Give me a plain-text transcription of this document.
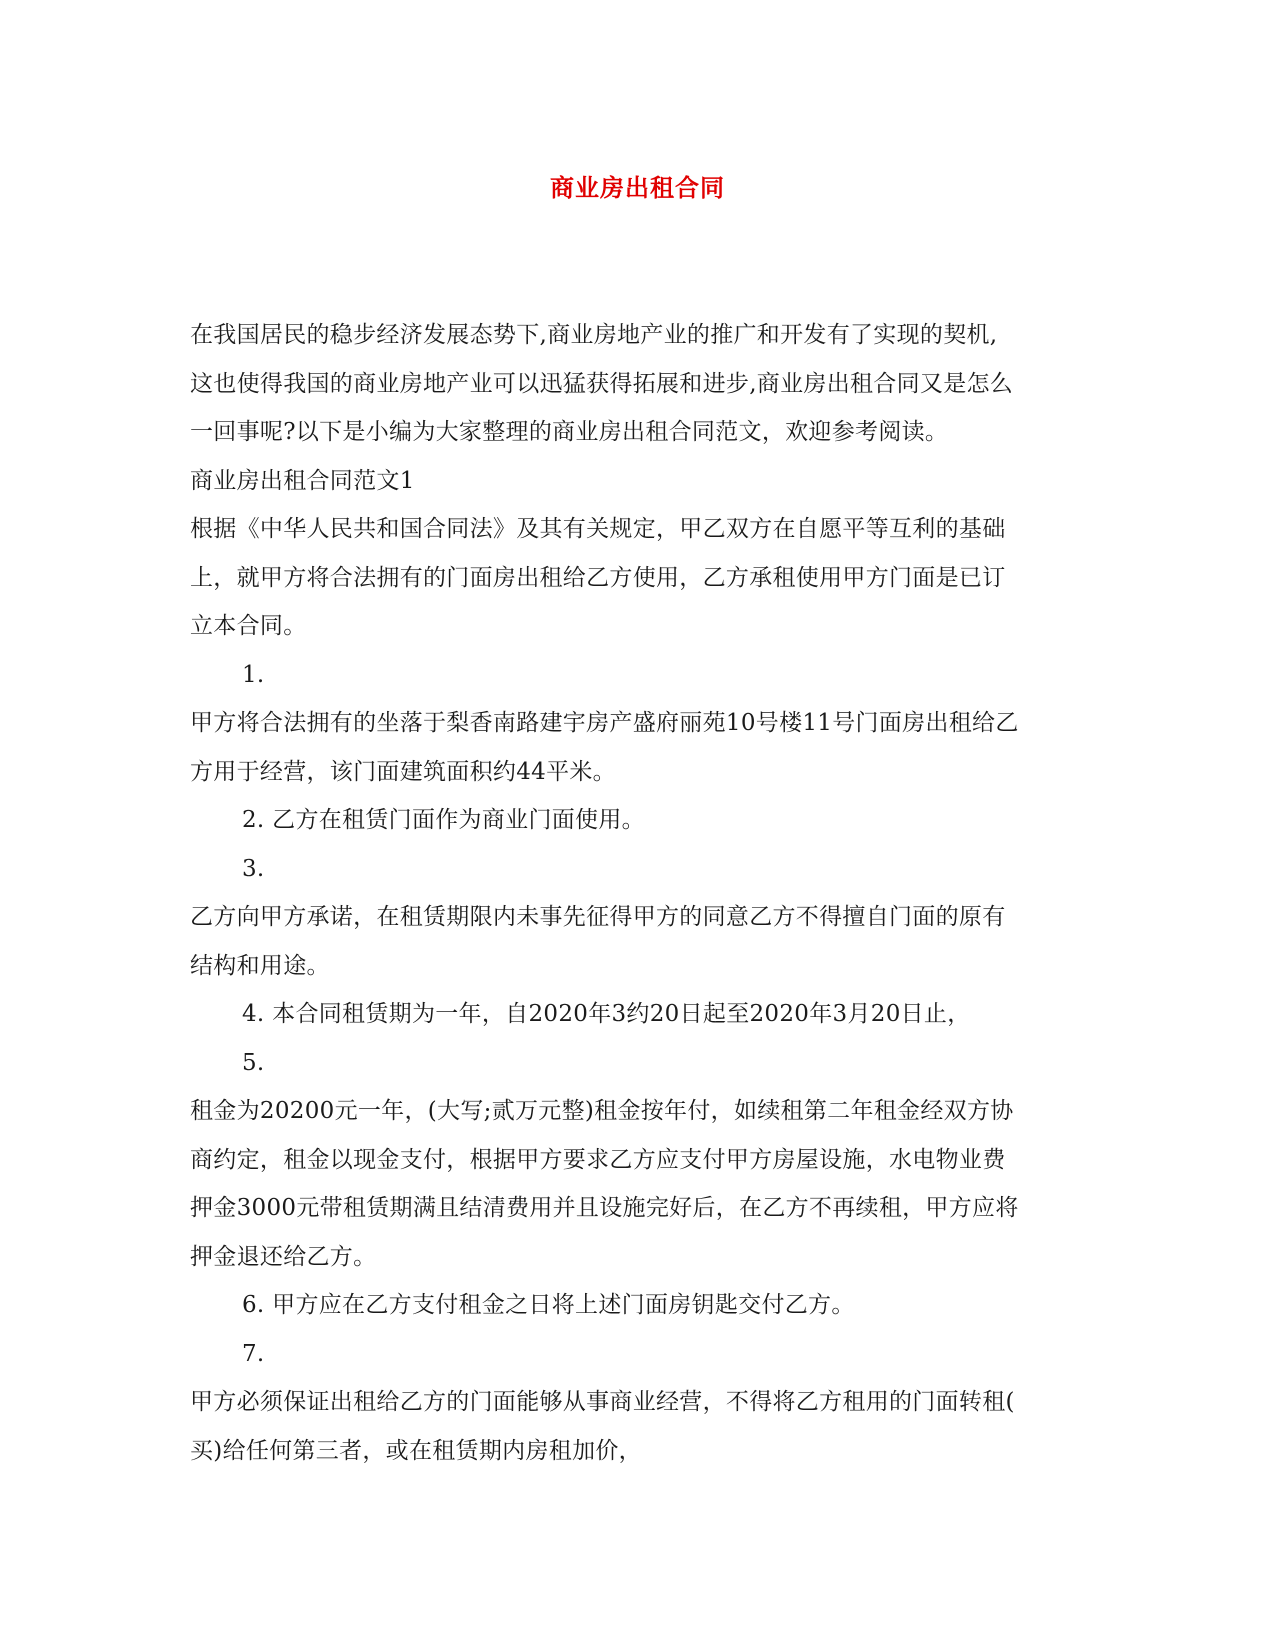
商业房出租合同
在我国居民的稳步经济发展态势下,商业房地产业的推广和开发有了实现的契机,
这也使得我国的商业房地产业可以迅猛获得拓展和进步,商业房出租合同又是怎么
一回事呢?以下是小编为大家整理的商业房出租合同范文，欢迎参考阅读。
商业房出租合同范文1
根据《中华人民共和国合同法》及其有关规定，甲乙双方在自愿平等互利的基础
上，就甲方将合法拥有的门面房出租给乙方使用，乙方承租使用甲方门面是已订
立本合同。
1.
甲方将合法拥有的坐落于梨香南路建宇房产盛府丽苑10号楼11号门面房出租给乙
方用于经营，该门面建筑面积约44平米。
2. 乙方在租赁门面作为商业门面使用。
3.
乙方向甲方承诺，在租赁期限内未事先征得甲方的同意乙方不得擅自门面的原有
结构和用途。
4. 本合同租赁期为一年，自2020年3约20日起至2020年3月20日止，
5.
租金为20200元一年，(大写;贰万元整)租金按年付，如续租第二年租金经双方协
商约定，租金以现金支付，根据甲方要求乙方应支付甲方房屋设施，水电物业费
押金3000元带租赁期满且结清费用并且设施完好后，在乙方不再续租，甲方应将
押金退还给乙方。
6. 甲方应在乙方支付租金之日将上述门面房钥匙交付乙方。
7.
甲方必须保证出租给乙方的门面能够从事商业经营，不得将乙方租用的门面转租(
买)给任何第三者，或在租赁期内房租加价，
